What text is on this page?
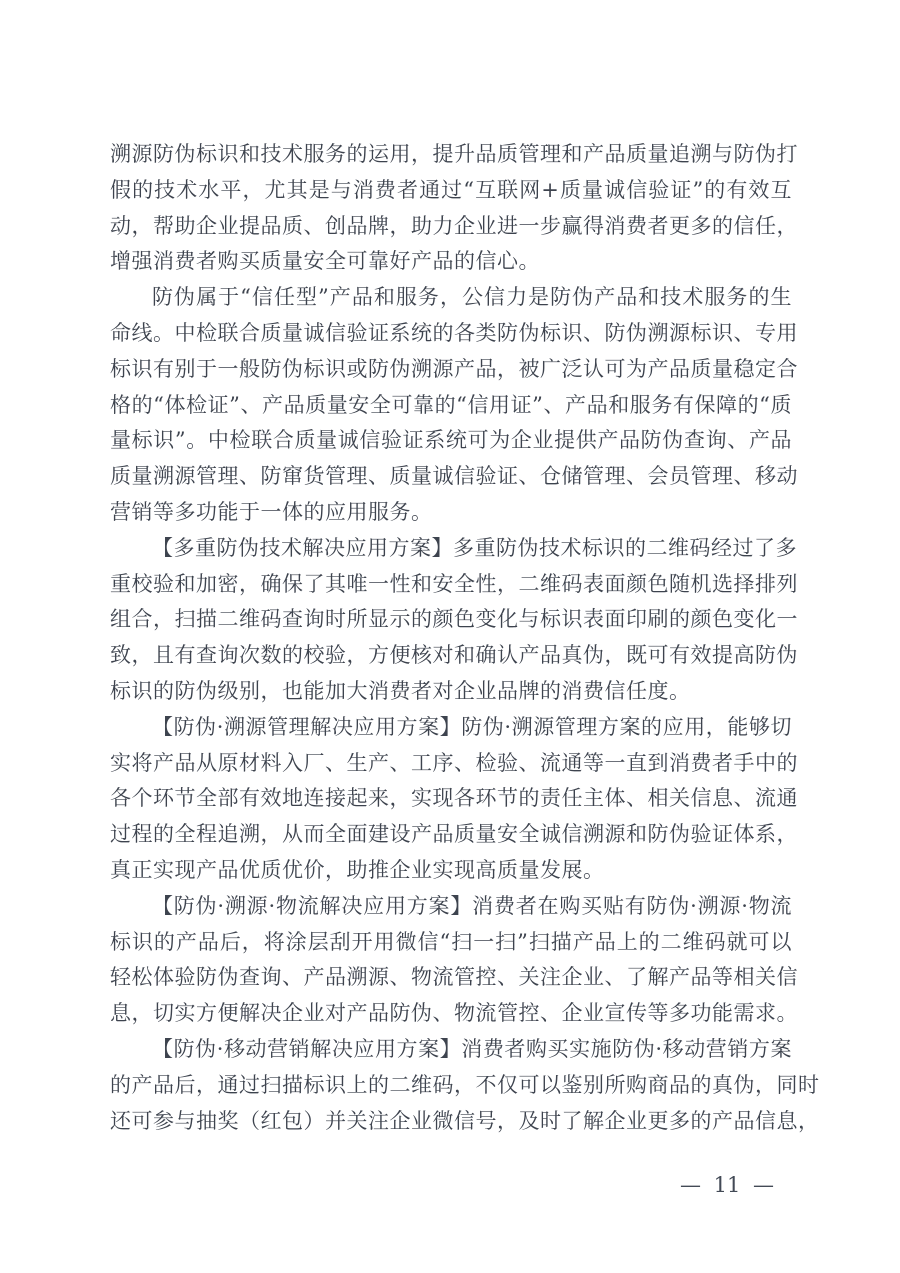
溯源防伪标识和技术服务的运用，提升品质管理和产品质量追溯与防伪打
假的技术水平，尤其是与消费者通过“互联网+质量诚信验证”的有效互
动，帮助企业提品质、创品牌，助力企业进一步赢得消费者更多的信任，
增强消费者购买质量安全可靠好产品的信心。
防伪属于“信任型”产品和服务，公信力是防伪产品和技术服务的生
命线。中检联合质量诚信验证系统的各类防伪标识、防伪溯源标识、专用
标识有别于一般防伪标识或防伪溯源产品，被广泛认可为产品质量稳定合
格的“体检证”、产品质量安全可靠的“信用证”、产品和服务有保障的“质
量标识”。中检联合质量诚信验证系统可为企业提供产品防伪查询、产品
质量溯源管理、防窜货管理、质量诚信验证、仓储管理、会员管理、移动
营销等多功能于一体的应用服务。
【多重防伪技术解决应用方案】多重防伪技术标识的二维码经过了多
重校验和加密，确保了其唯一性和安全性，二维码表面颜色随机选择排列
组合，扫描二维码查询时所显示的颜色变化与标识表面印刷的颜色变化一
致，且有查询次数的校验，方便核对和确认产品真伪，既可有效提高防伪
标识的防伪级别，也能加大消费者对企业品牌的消费信任度。
【防伪·溯源管理解决应用方案】防伪·溯源管理方案的应用，能够切
实将产品从原材料入厂、生产、工序、检验、流通等一直到消费者手中的
各个环节全部有效地连接起来，实现各环节的责任主体、相关信息、流通
过程的全程追溯，从而全面建设产品质量安全诚信溯源和防伪验证体系，
真正实现产品优质优价，助推企业实现高质量发展。
【防伪·溯源·物流解决应用方案】消费者在购买贴有防伪·溯源·物流
标识的产品后，将涂层刮开用微信“扫一扫”扫描产品上的二维码就可以
轻松体验防伪查询、产品溯源、物流管控、关注企业、了解产品等相关信
息，切实方便解决企业对产品防伪、物流管控、企业宣传等多功能需求。
【防伪·移动营销解决应用方案】消费者购买实施防伪·移动营销方案
的产品后，通过扫描标识上的二维码，不仅可以鉴别所购商品的真伪，同时
还可参与抽奖（红包）并关注企业微信号，及时了解企业更多的产品信息，
— 11 —
